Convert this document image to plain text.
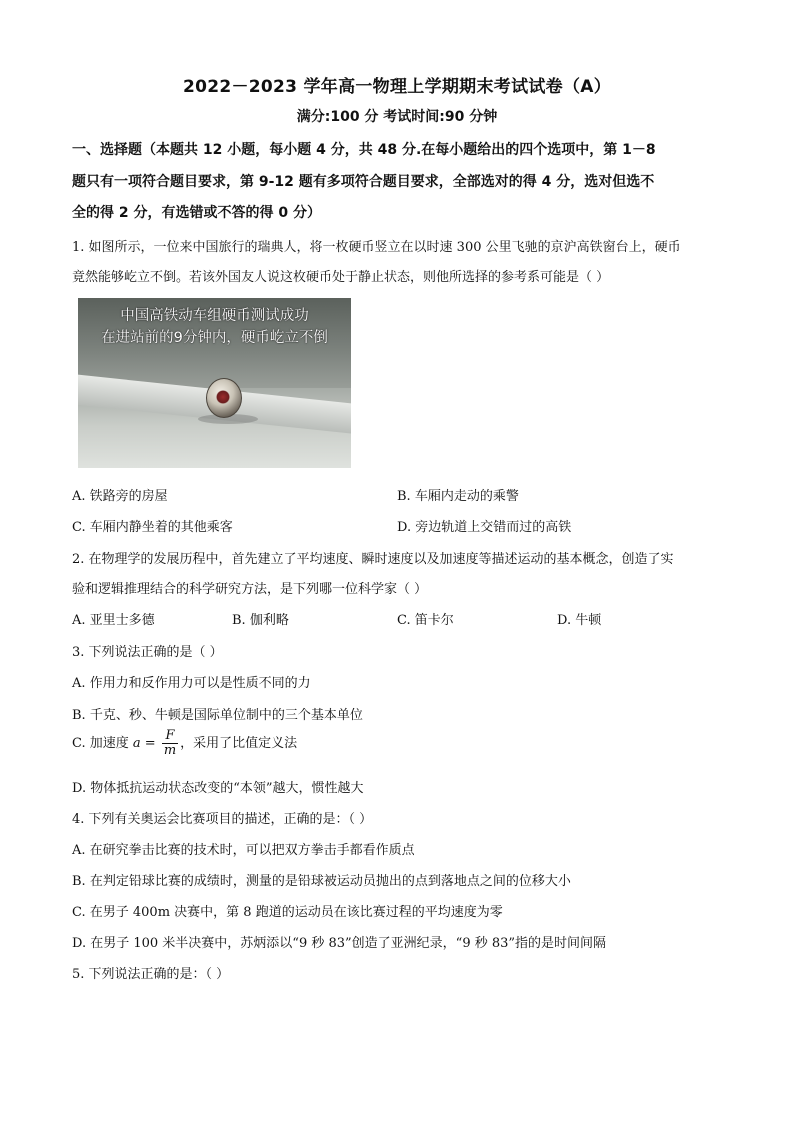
2022－2023 学年高一物理上学期期末考试试卷（A）
满分:100 分 考试时间:90 分钟
一、选择题（本题共 12 小题，每小题 4 分，共 48 分.在每小题给出的四个选项中，第 1－8
题只有一项符合题目要求，第 9-12 题有多项符合题目要求，全部选对的得 4 分，选对但选不
全的得 2 分，有选错或不答的得 0 分）
1. 如图所示，一位来中国旅行的瑞典人，将一枚硬币竖立在以时速 300 公里飞驰的京沪高铁窗台上，硬币
竟然能够屹立不倒。若该外国友人说这枚硬币处于静止状态，则他所选择的参考系可能是（ ）
中国高铁动车组硬币测试成功
在进站前的9分钟内，硬币屹立不倒
A. 铁路旁的房屋	B. 车厢内走动的乘警
C. 车厢内静坐着的其他乘客	D. 旁边轨道上交错而过的高铁
2. 在物理学的发展历程中，首先建立了平均速度、瞬时速度以及加速度等描述运动的基本概念，创造了实
验和逻辑推理结合的科学研究方法，是下列哪一位科学家（ ）
A. 亚里士多德	B. 伽利略	C. 笛卡尔	D. 牛顿
3. 下列说法正确的是（ ）
A. 作用力和反作用力可以是性质不同的力
B. 千克、秒、牛顿是国际单位制中的三个基本单位
C. 加速度 $a = \frac{F}{m}$ ，采用了比值定义法
D. 物体抵抗运动状态改变的“本领”越大，惯性越大
4. 下列有关奥运会比赛项目的描述，正确的是：（ ）
A. 在研究拳击比赛的技术时，可以把双方拳击手都看作质点
B. 在判定铅球比赛的成绩时，测量的是铅球被运动员抛出的点到落地点之间的位移大小
C. 在男子 400m 决赛中，第 8 跑道的运动员在该比赛过程的平均速度为零
D. 在男子 100 米半决赛中，苏炳添以“9 秒 83”创造了亚洲纪录，“9 秒 83”指的是时间间隔
5. 下列说法正确的是：（ ）
